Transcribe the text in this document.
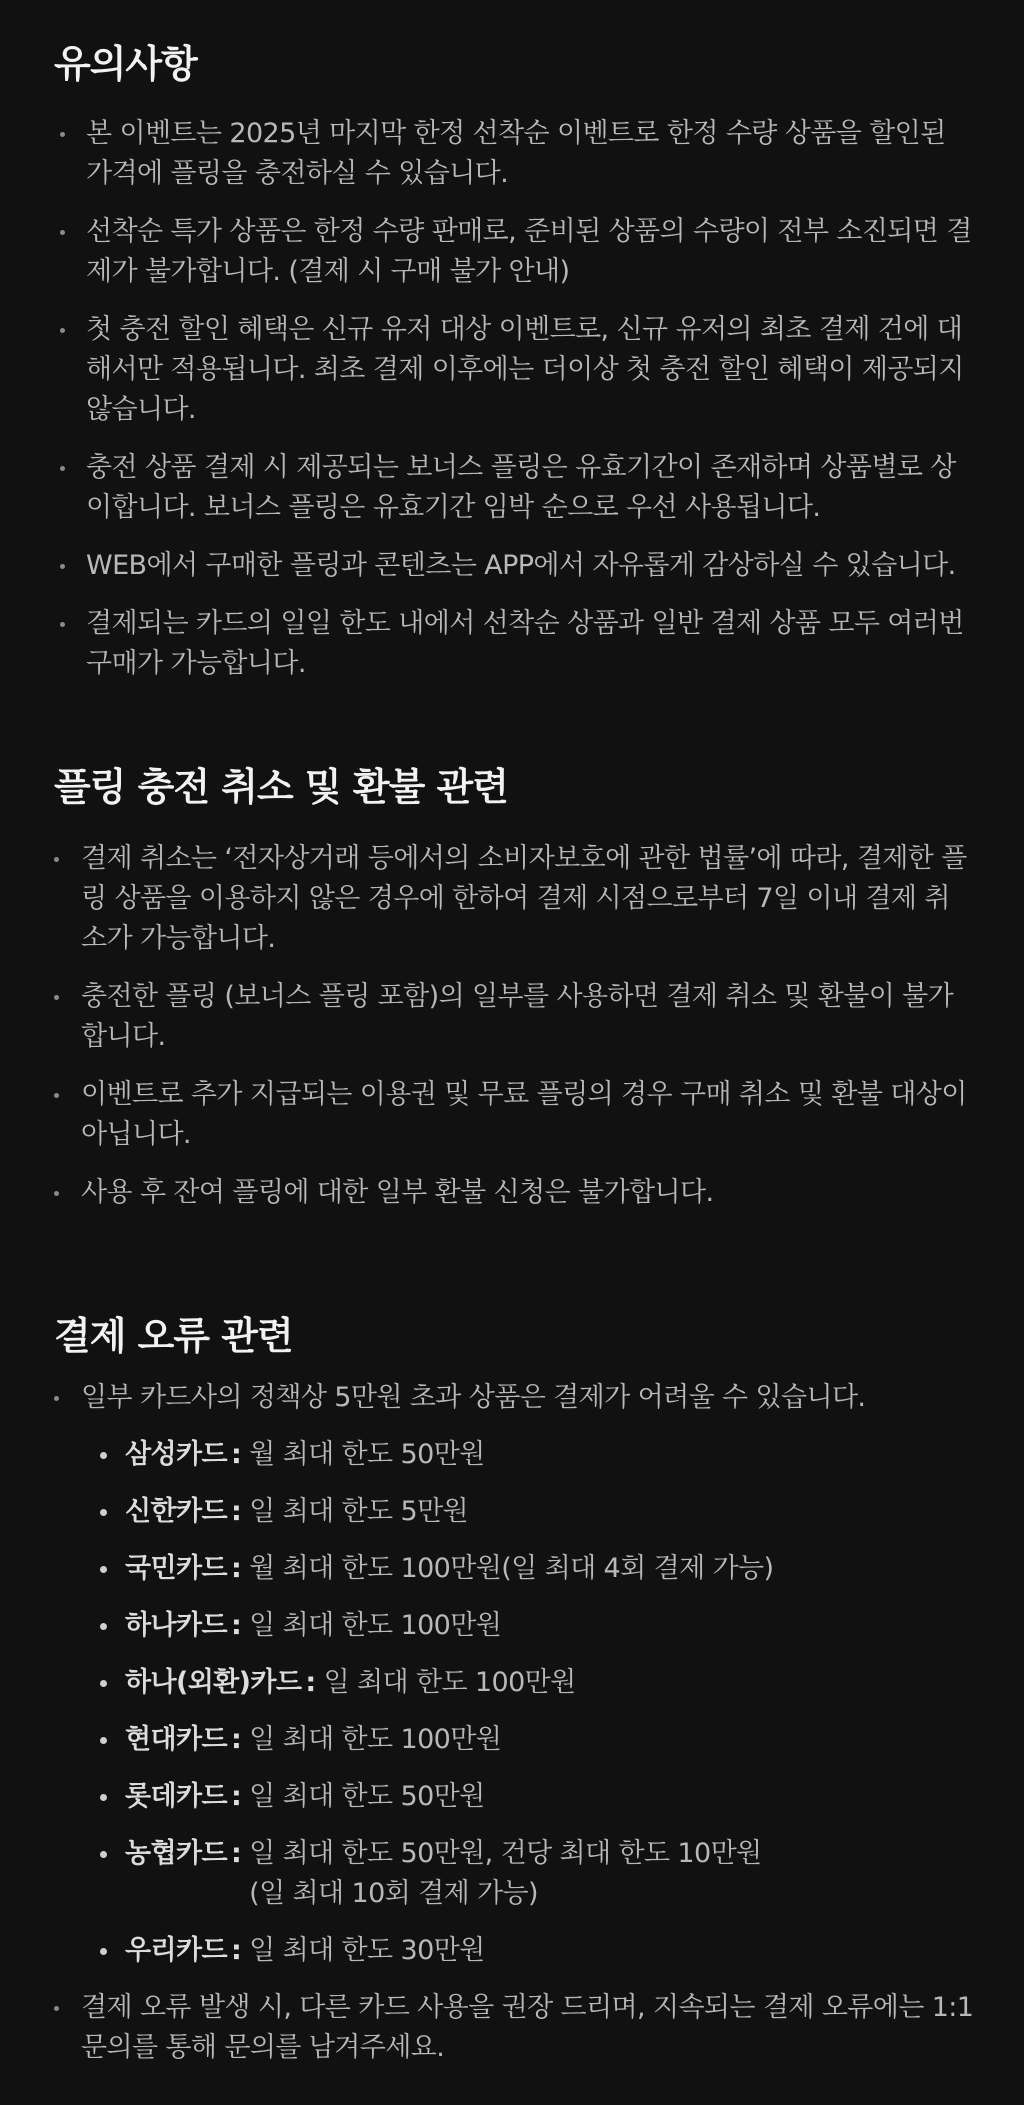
유의사항
본 이벤트는 2025년 마지막 한정 선착순 이벤트로 한정 수량 상품을 할인된 가격에 플링을 충전하실 수 있습니다.
선착순 특가 상품은 한정 수량 판매로, 준비된 상품의 수량이 전부 소진되면 결제가 불가합니다. (결제 시 구매 불가 안내)
첫 충전 할인 혜택은 신규 유저 대상 이벤트로, 신규 유저의 최초 결제 건에 대해서만 적용됩니다. 최초 결제 이후에는 더이상 첫 충전 할인 혜택이 제공되지 않습니다.
충전 상품 결제 시 제공되는 보너스 플링은 유효기간이 존재하며 상품별로 상이합니다. 보너스 플링은 유효기간 임박 순으로 우선 사용됩니다.
WEB에서 구매한 플링과 콘텐츠는 APP에서 자유롭게 감상하실 수 있습니다.
결제되는 카드의 일일 한도 내에서 선착순 상품과 일반 결제 상품 모두 여러번 구매가 가능합니다.
플링 충전 취소 및 환불 관련
결제 취소는 ‘전자상거래 등에서의 소비자보호에 관한 법률’에 따라, 결제한 플링 상품을 이용하지 않은 경우에 한하여 결제 시점으로부터 7일 이내 결제 취소가 가능합니다.
충전한 플링 (보너스 플링 포함)의 일부를 사용하면 결제 취소 및 환불이 불가합니다.
이벤트로 추가 지급되는 이용권 및 무료 플링의 경우 구매 취소 및 환불 대상이 아닙니다.
사용 후 잔여 플링에 대한 일부 환불 신청은 불가합니다.
결제 오류 관련
일부 카드사의 정책상 5만원 초과 상품은 결제가 어려울 수 있습니다.
삼성카드 : 월 최대 한도 50만원
신한카드 : 일 최대 한도 5만원
국민카드 : 월 최대 한도 100만원(일 최대 4회 결제 가능)
하나카드 : 일 최대 한도 100만원
하나(외환)카드 : 일 최대 한도 100만원
현대카드 : 일 최대 한도 100만원
롯데카드 : 일 최대 한도 50만원
농협카드 : 일 최대 한도 50만원, 건당 최대 한도 10만원
(일 최대 10회 결제 가능)
우리카드 : 일 최대 한도 30만원
결제 오류 발생 시, 다른 카드 사용을 권장 드리며, 지속되는 결제 오류에는 1:1 문의를 통해 문의를 남겨주세요.
